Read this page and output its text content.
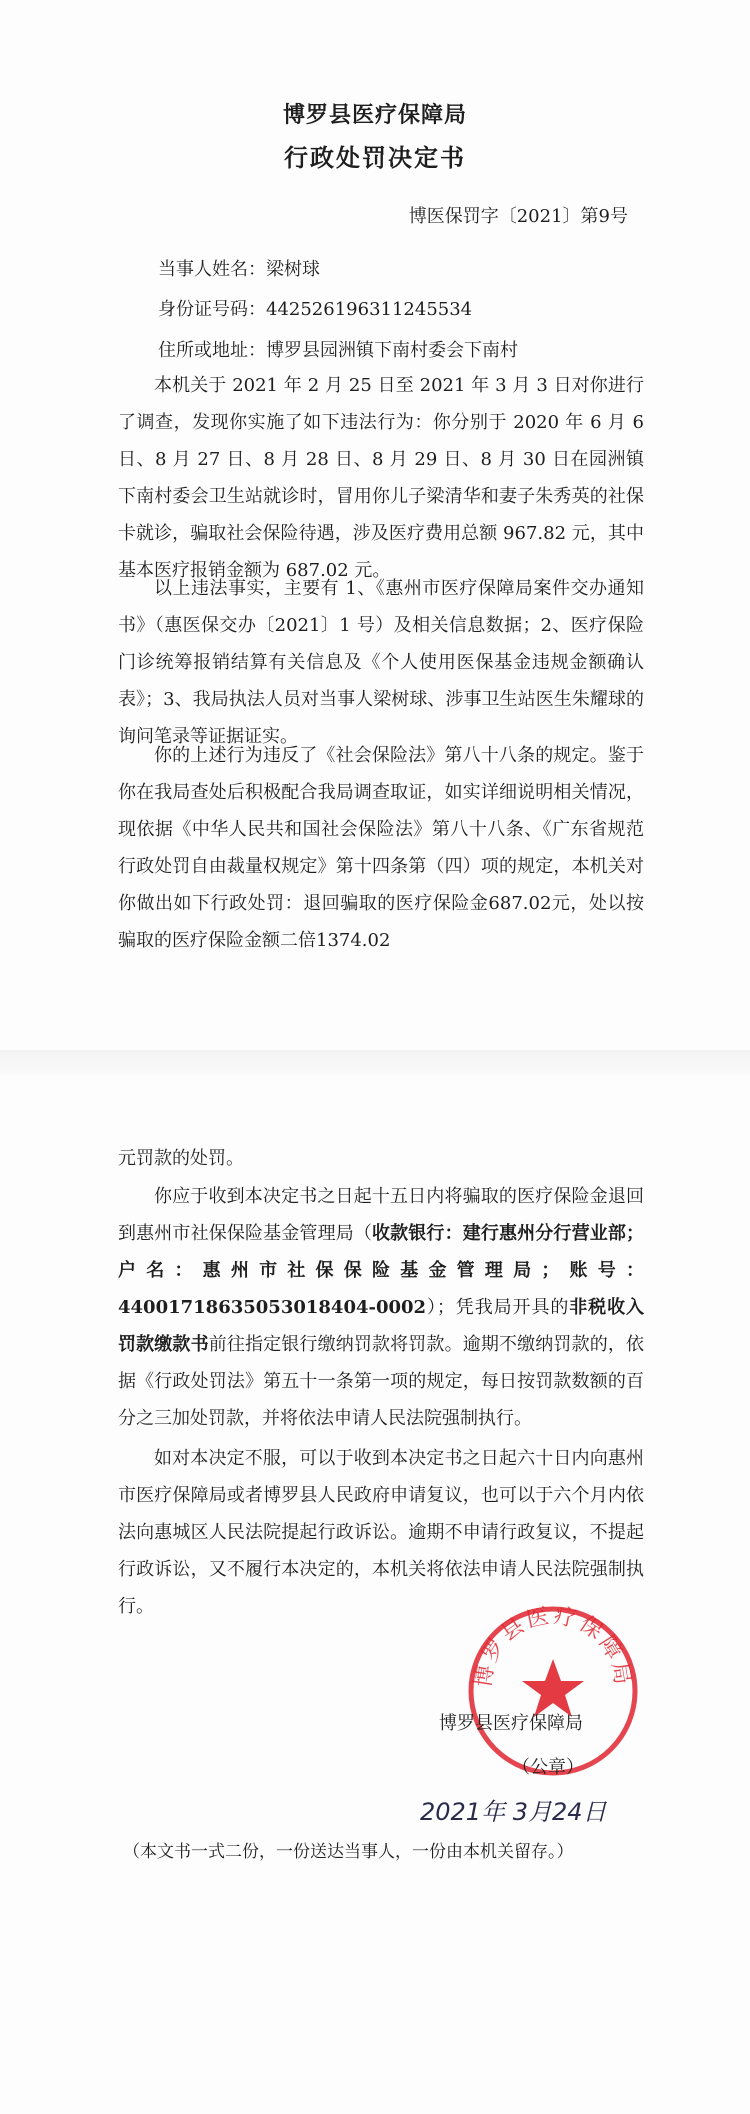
博罗县医疗保障局
行政处罚决定书
博医保罚字〔2021〕第9号
当事人姓名：梁树球
身份证号码：442526196311245534
住所或地址：博罗县园洲镇下南村委会下南村

本机关于 2021 年 2 月 25 日至 2021 年 3 月 3 日对你进行了调查，发现你实施了如下违法行为：你分别于 2020 年 6 月 6 日、8 月 27 日、8 月 28 日、8 月 29 日、8 月 30 日在园洲镇下南村委会卫生站就诊时，冒用你儿子梁清华和妻子朱秀英的社保卡就诊，骗取社会保险待遇，涉及医疗费用总额 967.82 元，其中基本医疗报销金额为 687.02 元。

以上违法事实，主要有 1、《惠州市医疗保障局案件交办通知书》（惠医保交办〔2021〕1 号）及相关信息数据；2、医疗保险门诊统筹报销结算有关信息及《个人使用医保基金违规金额确认表》；3、我局执法人员对当事人梁树球、涉事卫生站医生朱耀球的询问笔录等证据证实。

你的上述行为违反了《社会保险法》第八十八条的规定。鉴于你在我局查处后积极配合我局调查取证，如实详细说明相关情况，现依据《中华人民共和国社会保险法》第八十八条、《广东省规范行政处罚自由裁量权规定》第十四条第（四）项的规定，本机关对你做出如下行政处罚：退回骗取的医疗保险金687.02元，处以按骗取的医疗保险金额二倍1374.02

元罚款的处罚。

你应于收到本决定书之日起十五日内将骗取的医疗保险金退回到惠州市社保保险基金管理局（收款银行：建行惠州分行营业部；户名：惠州市社保保险基金管理局；账号：44001718635053018404-0002）；凭我局开具的非税收入罚款缴款书前往指定银行缴纳罚款将罚款。逾期不缴纳罚款的，依据《行政处罚法》第五十一条第一项的规定，每日按罚款数额的百分之三加处罚款，并将依法申请人民法院强制执行。

如对本决定不服，可以于收到本决定书之日起六十日内向惠州市医疗保障局或者博罗县人民政府申请复议，也可以于六个月内依法向惠城区人民法院提起行政诉讼。逾期不申请行政复议，不提起行政诉讼，又不履行本决定的，本机关将依法申请人民法院强制执行。

博罗县医疗保障局
博罗县医疗保障局
（公章）
2021年 3月24日
（本文书一式二份，一份送达当事人，一份由本机关留存。）
